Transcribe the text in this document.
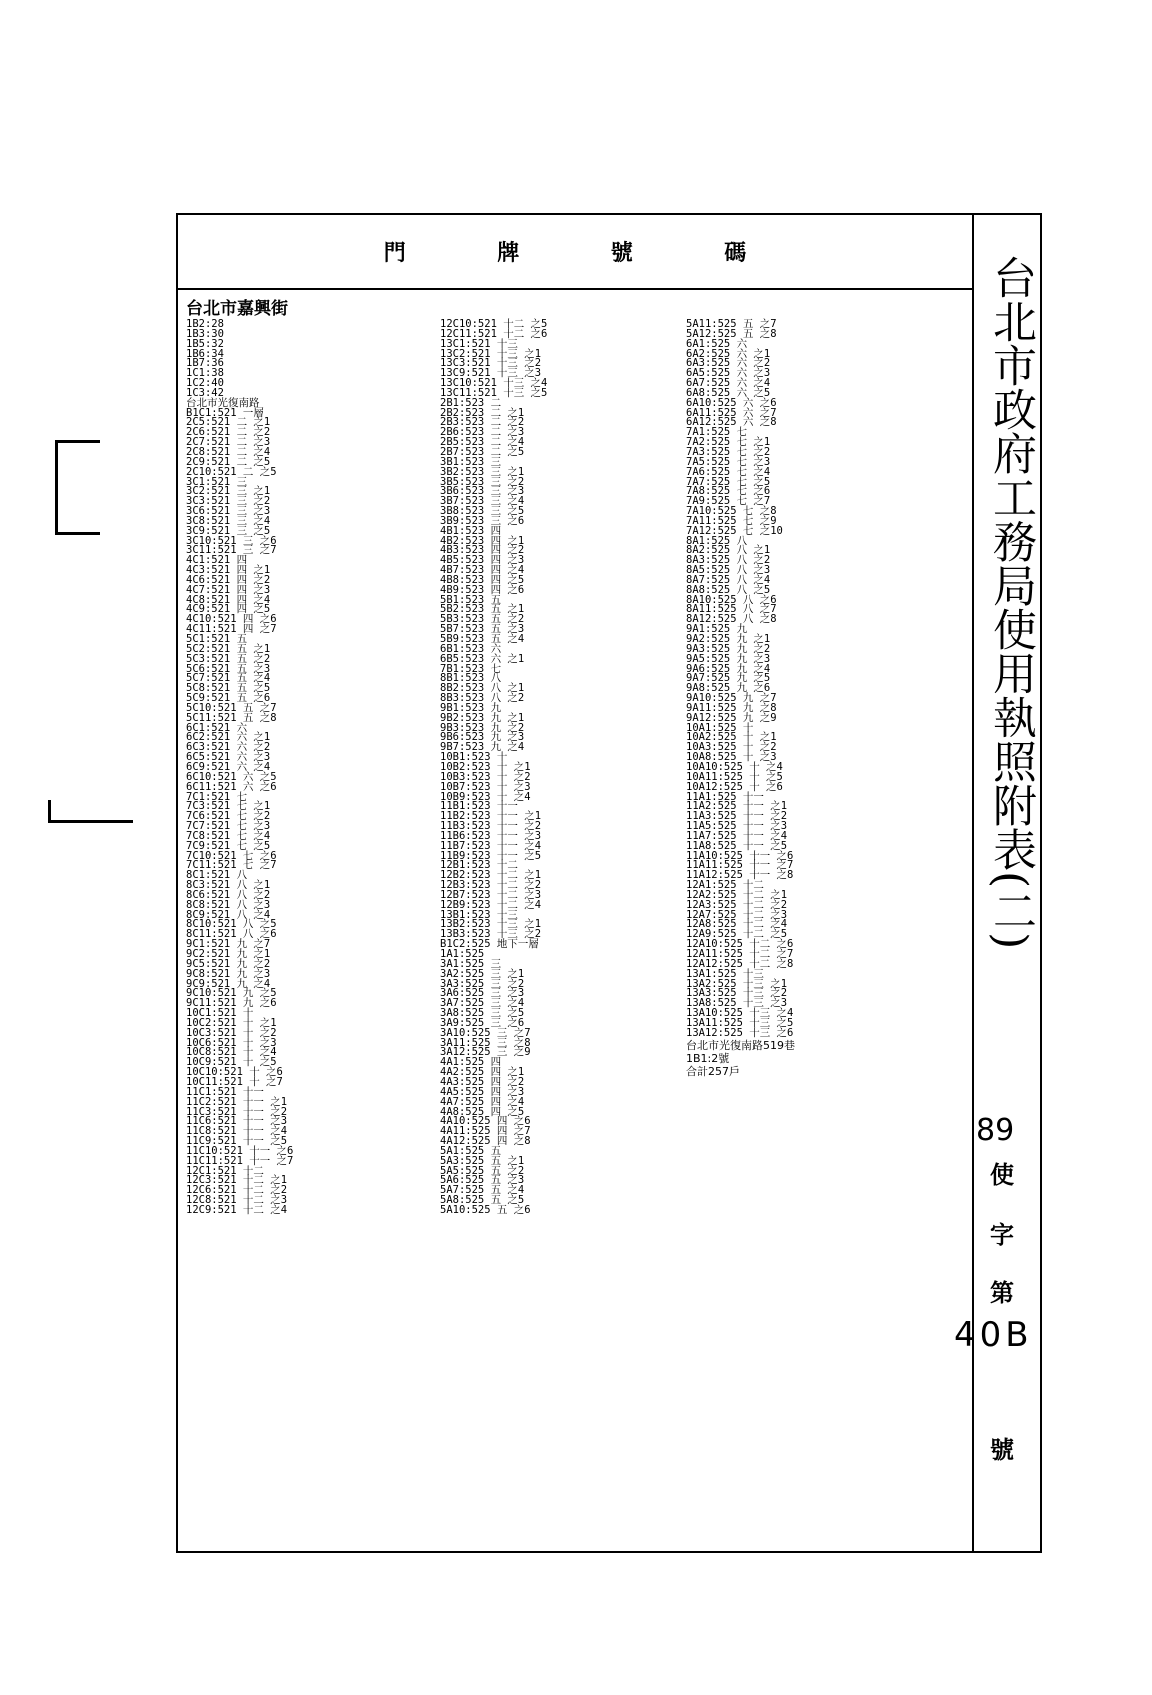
門	牌	號	碼
台北市嘉興街
1B2:28
1B3:30
1B5:32
1B6:34
1B7:36
1C1:38
1C2:40
1C3:42
台北市光復南路
B1C1:521 一層
2C5:521 二 之1
2C6:521 二 之2
2C7:521 二 之3
2C8:521 二 之4
2C9:521 二 之5
2C10:521 二 之5
3C1:521 三
3C2:521 三 之1
3C3:521 三 之2
3C6:521 三 之3
3C8:521 三 之4
3C9:521 三 之5
3C10:521 三 之6
3C11:521 三 之7
4C1:521 四
4C3:521 四 之1
4C6:521 四 之2
4C7:521 四 之3
4C8:521 四 之4
4C9:521 四 之5
4C10:521 四 之6
4C11:521 四 之7
5C1:521 五
5C2:521 五 之1
5C3:521 五 之2
5C6:521 五 之3
5C7:521 五 之4
5C8:521 五 之5
5C9:521 五 之6
5C10:521 五 之7
5C11:521 五 之8
6C1:521 六
6C2:521 六 之1
6C3:521 六 之2
6C5:521 六 之3
6C9:521 六 之4
6C10:521 六 之5
6C11:521 六 之6
7C1:521 七
7C3:521 七 之1
7C6:521 七 之2
7C7:521 七 之3
7C8:521 七 之4
7C9:521 七 之5
7C10:521 七 之6
7C11:521 七 之7
8C1:521 八
8C3:521 八 之1
8C6:521 八 之2
8C8:521 八 之3
8C9:521 八 之4
8C10:521 八 之5
8C11:521 八 之6
9C1:521 九 之7
9C2:521 九 之1
9C5:521 九 之2
9C8:521 九 之3
9C9:521 九 之4
9C10:521 九 之5
9C11:521 九 之6
10C1:521 十
10C2:521 十 之1
10C3:521 十 之2
10C6:521 十 之3
10C8:521 十 之4
10C9:521 十 之5
10C10:521 十 之6
10C11:521 十 之7
11C1:521 十一
11C2:521 十一 之1
11C3:521 十一 之2
11C6:521 十一 之3
11C8:521 十一 之4
11C9:521 十一 之5
11C10:521 十一 之6
11C11:521 十一 之7
12C1:521 十二
12C3:521 十二 之1
12C6:521 十二 之2
12C8:521 十二 之3
12C9:521 十二 之4
12C10:521 十二 之5
12C11:521 十二 之6
13C1:521 十三
13C2:521 十三 之1
13C3:521 十三 之2
13C9:521 十三 之3
13C10:521 十三 之4
13C11:521 十三 之5
2B1:523 二
2B2:523 二 之1
2B3:523 二 之2
2B6:523 二 之3
2B5:523 二 之4
2B7:523 二 之5
3B1:523 三
3B2:523 三 之1
3B5:523 三 之2
3B6:523 三 之3
3B7:523 三 之4
3B8:523 三 之5
3B9:523 三 之6
4B1:523 四
4B2:523 四 之1
4B3:523 四 之2
4B5:523 四 之3
4B7:523 四 之4
4B8:523 四 之5
4B9:523 四 之6
5B1:523 五
5B2:523 五 之1
5B3:523 五 之2
5B7:523 五 之3
5B9:523 五 之4
6B1:523 六
6B5:523 六 之1
7B1:523 七
8B1:523 八
8B2:523 八 之1
8B3:523 八 之2
9B1:523 九
9B2:523 九 之1
9B3:523 九 之2
9B6:523 九 之3
9B7:523 九 之4
10B1:523 十
10B2:523 十 之1
10B3:523 十 之2
10B7:523 十 之3
10B9:523 十 之4
11B1:523 十一
11B2:523 十一 之1
11B3:523 十一 之2
11B6:523 十一 之3
11B7:523 十一 之4
11B9:523 十一 之5
12B1:523 十二
12B2:523 十二 之1
12B3:523 十二 之2
12B7:523 十二 之3
12B9:523 十二 之4
13B1:523 十三
13B2:523 十三 之1
13B3:523 十三 之2
B1C2:525 地下一層
1A1:525
3A1:525 三
3A2:525 三 之1
3A3:525 三 之2
3A6:525 三 之3
3A7:525 三 之4
3A8:525 三 之5
3A9:525 三 之6
3A10:525 三 之7
3A11:525 三 之8
3A12:525 三 之9
4A1:525 四
4A2:525 四 之1
4A3:525 四 之2
4A5:525 四 之3
4A7:525 四 之4
4A8:525 四 之5
4A10:525 四 之6
4A11:525 四 之7
4A12:525 四 之8
5A1:525 五
5A3:525 五 之1
5A5:525 五 之2
5A6:525 五 之3
5A7:525 五 之4
5A8:525 五 之5
5A10:525 五 之6
5A11:525 五 之7
5A12:525 五 之8
6A1:525 六
6A2:525 六 之1
6A3:525 六 之2
6A5:525 六 之3
6A7:525 六 之4
6A8:525 六 之5
6A10:525 六 之6
6A11:525 六 之7
6A12:525 六 之8
7A1:525 七
7A2:525 七 之1
7A3:525 七 之2
7A5:525 七 之3
7A6:525 七 之4
7A7:525 七 之5
7A8:525 七 之6
7A9:525 七 之7
7A10:525 七 之8
7A11:525 七 之9
7A12:525 七 之10
8A1:525 八
8A2:525 八 之1
8A3:525 八 之2
8A5:525 八 之3
8A7:525 八 之4
8A8:525 八 之5
8A10:525 八 之6
8A11:525 八 之7
8A12:525 八 之8
9A1:525 九
9A2:525 九 之1
9A3:525 九 之2
9A5:525 九 之3
9A6:525 九 之4
9A7:525 九 之5
9A8:525 九 之6
9A10:525 九 之7
9A11:525 九 之8
9A12:525 九 之9
10A1:525 十
10A2:525 十 之1
10A3:525 十 之2
10A8:525 十 之3
10A10:525 十 之4
10A11:525 十 之5
10A12:525 十 之6
11A1:525 十一
11A2:525 十一 之1
11A3:525 十一 之2
11A5:525 十一 之3
11A7:525 十一 之4
11A8:525 十一 之5
11A10:525 十一 之6
11A11:525 十一 之7
11A12:525 十一 之8
12A1:525 十二
12A2:525 十二 之1
12A3:525 十二 之2
12A7:525 十二 之3
12A8:525 十二 之4
12A9:525 十二 之5
12A10:525 十二 之6
12A11:525 十二 之7
12A12:525 十二 之8
13A1:525 十三
13A2:525 十三 之1
13A3:525 十三 之2
13A8:525 十三 之3
13A10:525 十三 之4
13A11:525 十三 之5
13A12:525 十三 之6
台北市光復南路519巷
1B1:2號
合計257戶
台北市政府工務局使用執照附表(二)
89
使
字
第
40B
號
